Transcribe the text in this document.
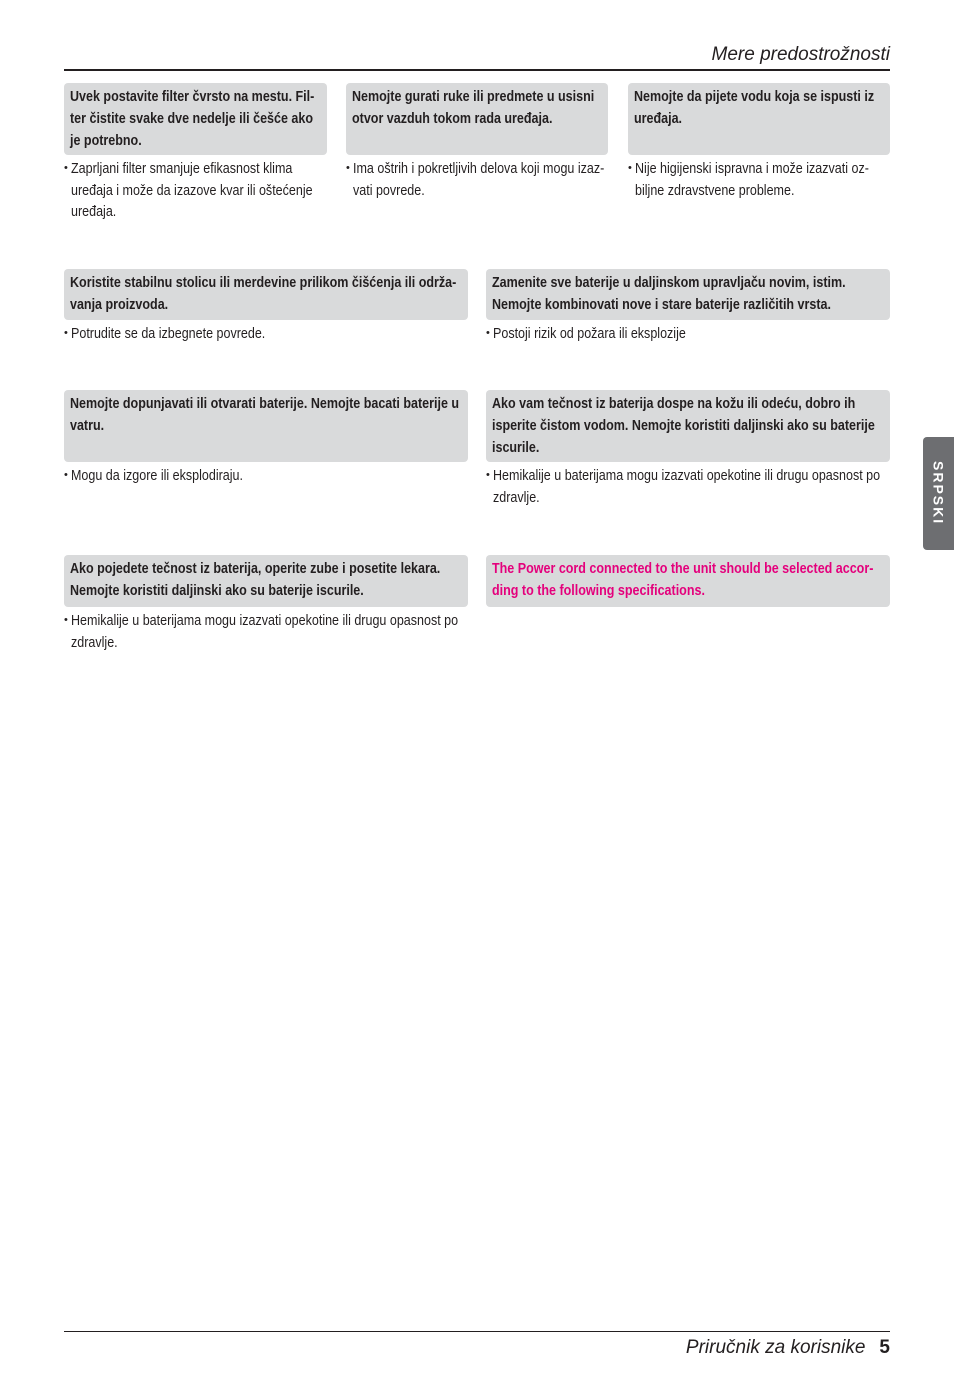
Mere predostrožnosti
Uvek postavite filter čvrsto na mestu. Fil-
ter čistite svake dve nedelje ili češće ako
je potrebno.
•
Zaprljani filter smanjuje efikasnost klima
uređaja i može da izazove kvar ili oštećenje
uređaja.
Nemojte gurati ruke ili predmete u usisni
otvor vazduh tokom rada uređaja.
•
Ima oštrih i pokretljivih delova koji mogu izaz-
vati povrede.
Nemojte da pijete vodu koja se ispusti iz
uređaja.
•
Nije higijenski ispravna i može izazvati oz-
biljne zdravstvene probleme.
Koristite stabilnu stolicu ili merdevine prilikom čišćenja ili održa-
vanja proizvoda.
•
Potrudite se da izbegnete povrede.
Zamenite sve baterije u daljinskom upravljaču novim, istim.
Nemojte kombinovati nove i stare baterije različitih vrsta.
•
Postoji rizik od požara ili eksplozije
Nemojte dopunjavati ili otvarati baterije. Nemojte bacati baterije u
vatru.
•
Mogu da izgore ili eksplodiraju.
Ako vam tečnost iz baterija dospe na kožu ili odeću, dobro ih
isperite čistom vodom. Nemojte koristiti daljinski ako su baterije
iscurile.
•
Hemikalije u baterijama mogu izazvati opekotine ili drugu opasnost po
zdravlje.
Ako pojedete tečnost iz baterija, operite zube i posetite lekara.
Nemojte koristiti daljinski ako su baterije iscurile.
•
Hemikalije u baterijama mogu izazvati opekotine ili drugu opasnost po
zdravlje.
The Power cord connected to the unit should be selected accor-
ding to the following specifications.
SRPSKI
Priručnik za korisnike 5
